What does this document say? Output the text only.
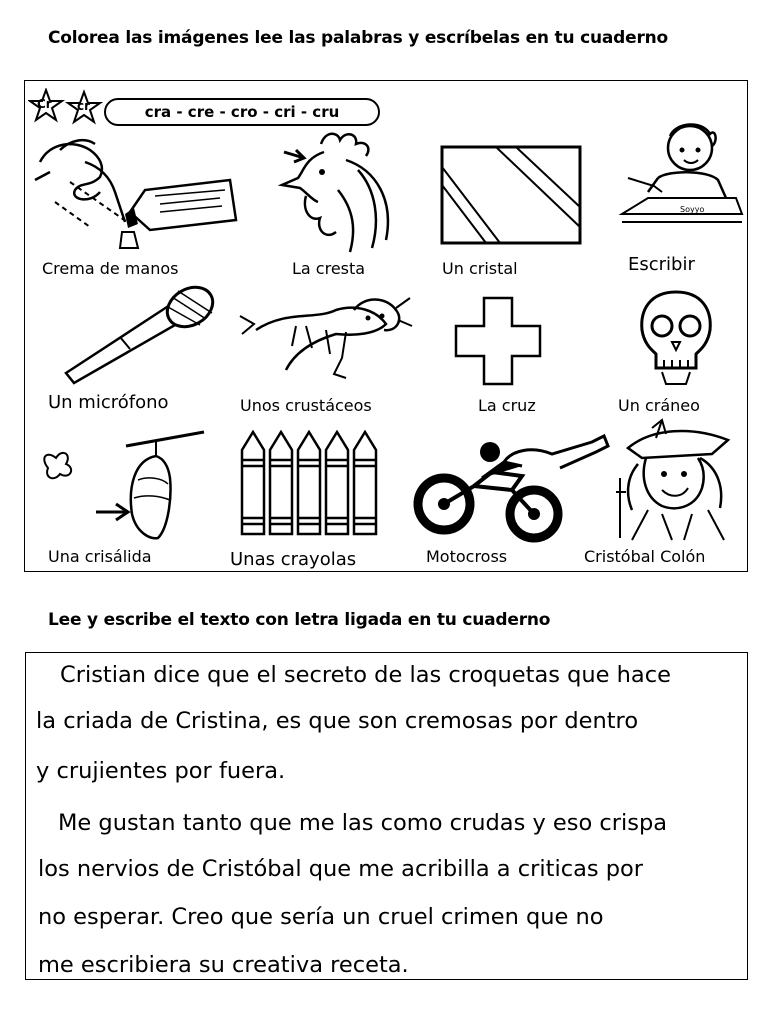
Colorea las imágenes lee las palabras y escríbelas en tu cuaderno
Cr cr	cra - cre - cro - cri - cru
Soyyo
Crema de manos	La cresta	Un cristal	Escribir
Un micrófono	Unos crustáceos	La cruz	Un cráneo
Una crisálida	Unas crayolas	Motocross	Cristóbal Colón
Lee y escribe el texto con letra ligada en tu cuaderno
Cristian dice que el secreto de las croquetas que hace
la criada de Cristina, es que son cremosas por dentro
y crujientes por fuera.
Me gustan tanto que me las como crudas y eso crispa
los nervios de Cristóbal que me acribilla a criticas por
no esperar. Creo que sería un cruel crimen que no
me escribiera su creativa receta.
